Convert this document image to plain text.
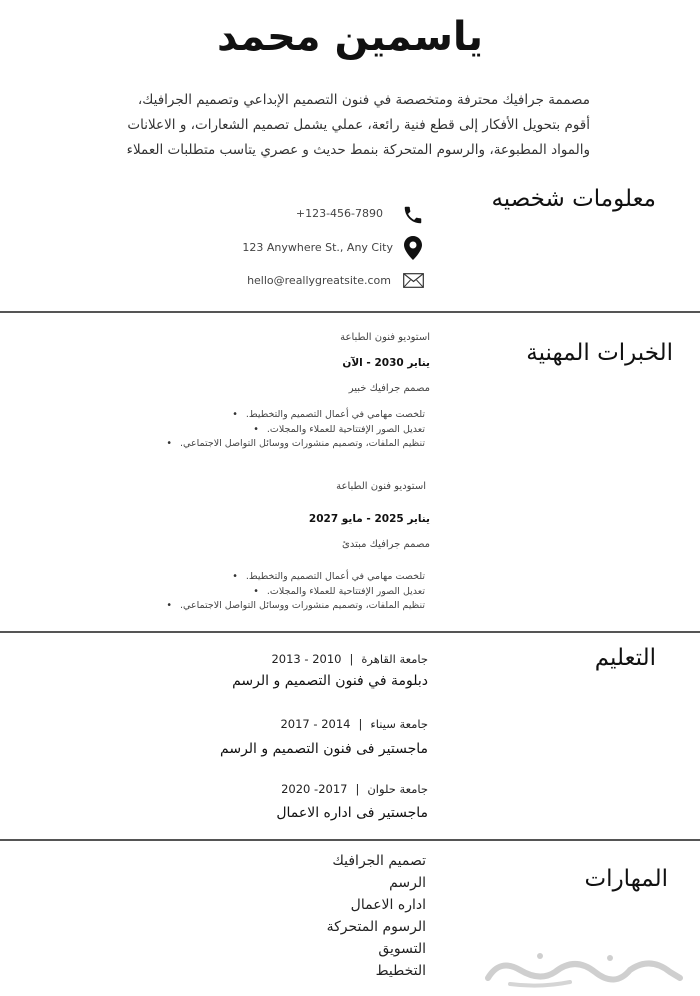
ياسمين محمد
مصممة جرافيك محترفة ومتخصصة في فنون التصميم الإبداعي وتصميم الجرافيك،
أقوم بتحويل الأفكار إلى قطع فنية رائعة، عملي يشمل تصميم الشعارات، و الاعلانات
والمواد المطبوعة، والرسوم المتحركة بنمط حديث و عصري يتاسب متطلبات العملاء
معلومات شخصيه
+123-456-7890
123 Anywhere St., Any City
hello@reallygreatsite.com
الخبرات المهنية
استوديو فنون الطباعة
يناير 2030 - الآن
مصمم جرافيك خبير
تلخصت مهامي في أعمال التصميم والتخطيط. •
تعديل الصور الإفتتاحية للعملاء والمجلات. •
تنظيم الملفات، وتصميم منشورات ووسائل التواصل الاجتماعي. •
استوديو فنون الطباعة
يناير 2025 - مايو 2027
مصمم جرافيك مبتدئ
تلخصت مهامي في أعمال التصميم والتخطيط. •
تعديل الصور الإفتتاحية للعملاء والمجلات. •
تنظيم الملفات، وتصميم منشورات ووسائل التواصل الاجتماعي. •
التعليم
جامعة القاهرة|2010 - 2013
دبلومة في فنون التصميم و الرسم
جامعة سيناء|2014 - 2017
ماجستير فى فنون التصميم و الرسم
جامعة حلوان|2017- 2020
ماجستير فى اداره الاعمال
المهارات
تصميم الجرافيك
الرسم
اداره الاعمال
الرسوم المتحركة
التسويق
التخطيط
